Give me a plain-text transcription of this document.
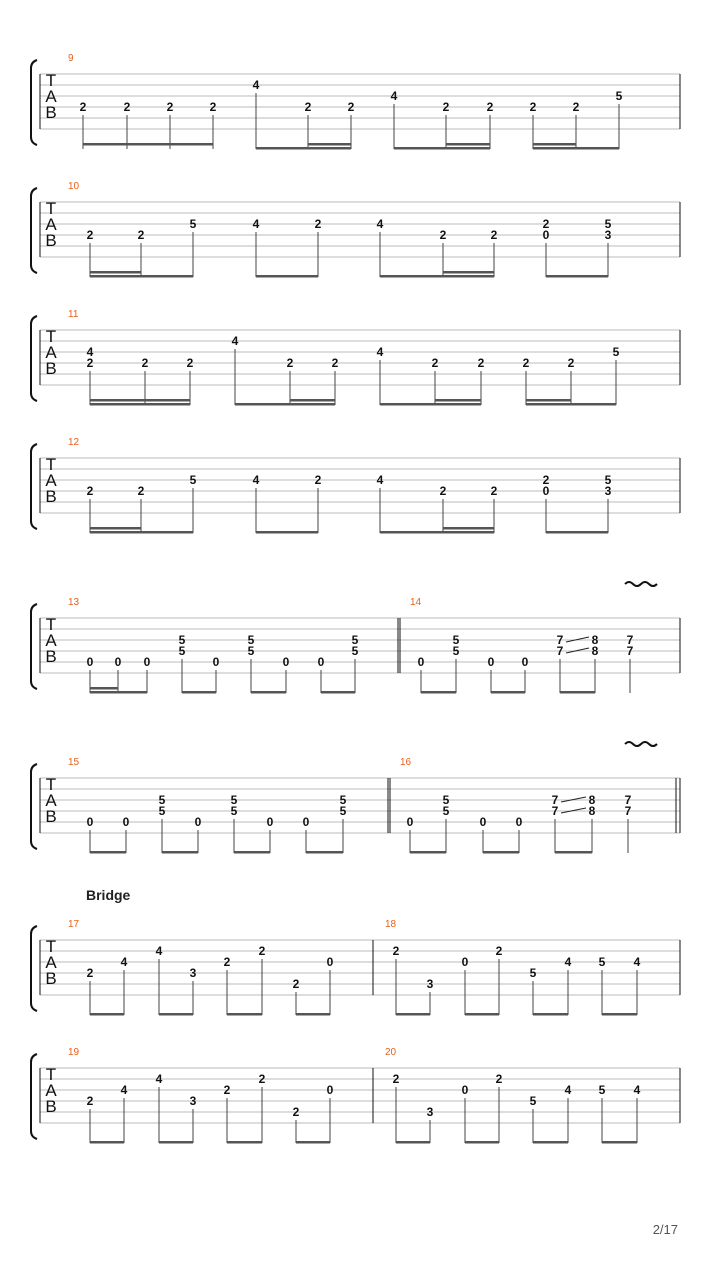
T
A
B
9
2	2	2	2
4
2	2
4
2	2	2	2
5
T
A
B
10
2	2
5	4	2	4
2	2
2
0
5
3
T
A
B
11
4
2	2	2
4
2	2
4
2	2	2	2
5
T
A
B
12
2	2
5	4	2	4
2	2
2
0
5
3
T
A
B
13
0 0 0
5
5
0
5
5
0 0
5
5
14
0
5
5
0 0
7
7
8
8
7
7
T
A
B
15
0 0
5
5
0
5
5
0 0
5
5
16
0
5
5
0 0
7
7
8
8
7
7
T
A
B
Bridge
17
2
4
4
3
2
2
2
0
18
2
3
0
2
5
4 5 4
T
A
B
19
2
4
4
3
2
2
2
0
20
2
3
0
2
5
4 5 4
2/17
